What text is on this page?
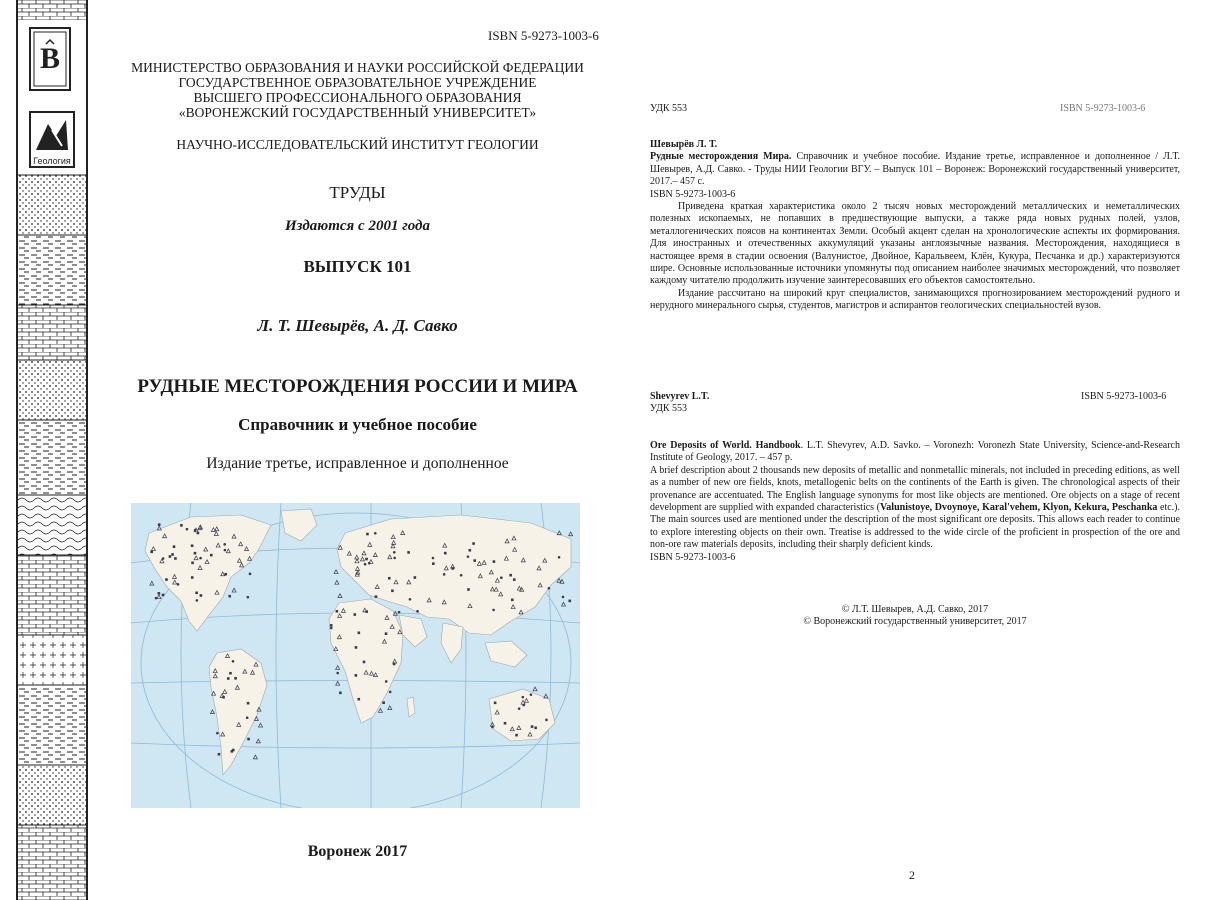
B
Геология
ISBN 5-9273-1003-6
МИНИСТЕРСТВО ОБРАЗОВАНИЯ И НАУКИ РОССИЙСКОЙ ФЕДЕРАЦИИ
ГОСУДАРСТВЕННОЕ ОБРАЗОВАТЕЛЬНОЕ УЧРЕЖДЕНИЕ
ВЫСШЕГО ПРОФЕССИОНАЛЬНОГО ОБРАЗОВАНИЯ
«ВОРОНЕЖСКИЙ ГОСУДАРСТВЕННЫЙ УНИВЕРСИТЕТ»
НАУЧНО-ИССЛЕДОВАТЕЛЬСКИЙ ИНСТИТУТ ГЕОЛОГИИ
ТРУДЫ
Издаются с 2001 года
ВЫПУСК 101
Л. Т. Шевырёв, А. Д. Савко
РУДНЫЕ МЕСТОРОЖДЕНИЯ РОССИИ И МИРА
Справочник и учебное пособие
Издание третье, исправленное и дополненное
Воронеж 2017
УДК 553	ISBN 5-9273-1003-6

Шевырёв Л. Т.

Рудные месторождения Мира. Справочник и учебное пособие. Издание третье, исправленное и дополненное / Л.Т. Шевырев, А.Д. Савко. - Труды НИИ Геологии ВГУ. – Выпуск 101 – Воронеж: Воронежский государственный университет, 2017.– 457 с.

ISBN 5-9273-1003-6

Приведена краткая характеристика около 2 тысяч новых месторождений металлических и неметаллических полезных ископаемых, не попавших в предшествующие выпуски, а также ряда новых рудных полей, узлов, металлогенических поясов на континентах Земли. Особый акцент сделан на хронологические аспекты их формирования. Для иностранных и отечественных аккумуляций указаны англоязычные названия. Месторождения, находящиеся в настоящее время в стадии освоения (Валунистое, Двойное, Каральвеем, Клён, Кукура, Песчанка и др.) характеризуются шире. Основные использованные источники упомянуты под описанием наиболее значимых месторождений, что позволяет каждому читателю продолжить изучение заинтересовавших его объектов самостоятельно.

Издание рассчитано на широкий круг специалистов, занимающихся прогнозированием месторождений рудного и нерудного минерального сырья, студентов, магистров и аспирантов геологических специальностей вузов.

Shevyrev L.T.	ISBN 5-9273-1003-6
УДК 553

Ore Deposits of World. Handbook. L.T. Shevyrev, A.D. Savko. – Voronezh: Voronezh State University, Science-and-Research Institute of Geology, 2017. – 457 p.

A brief description about 2 thousands new deposits of metallic and nonmetallic minerals, not included in preceding editions, as well as a number of new ore fields, knots, metallogenic belts on the continents of the Earth is given. The chronological aspects of their provenance are accentuated. The English language synonyms for most like objects are mentioned. Ore objects on a stage of recent development are supplied with expanded characteristics (Valunistoye, Dvoynoye, Karal'vehem, Klyon, Kekura, Peschanka etc.). The main sources used are mentioned under the description of the most significant ore deposits. This allows each reader to continue to explore interesting objects on their own. Treatise is addressed to the wide circle of the proficient in prospection of the ore and non-ore raw materials deposits, including their sharply deficient kinds.

ISBN 5-9273-1003-6

© Л.Т. Шевырев, А.Д. Савко, 2017
© Воронежский государственный университет, 2017
2
